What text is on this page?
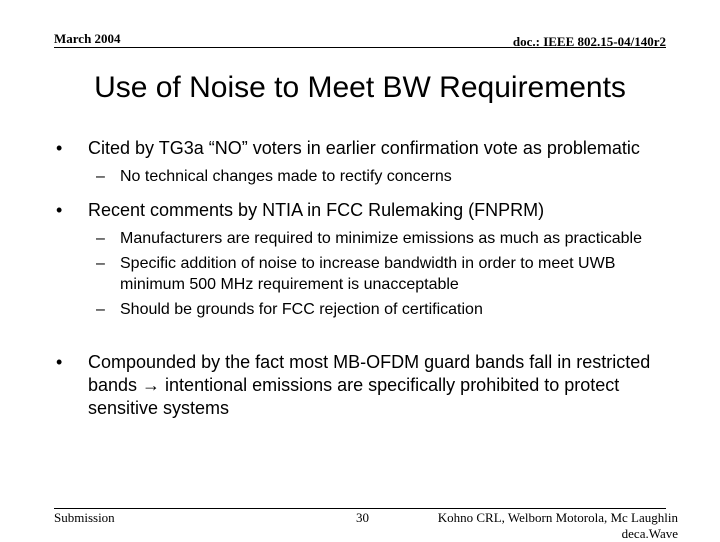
March 2004	doc.: IEEE 802.15-04/140r2
Use of Noise to Meet BW Requirements
•	Cited by TG3a “NO” voters in earlier confirmation vote as problematic
– No technical changes made to rectify concerns
•	Recent comments by NTIA in FCC Rulemaking (FNPRM)
– Manufacturers are required to minimize emissions as much as practicable
– Specific addition of noise to increase bandwidth in order to meet UWB minimum 500 MHz requirement is unacceptable
– Should be grounds for FCC rejection of certification
•	Compounded by the fact most MB-OFDM guard bands fall in restricted bands → intentional emissions are specifically prohibited to protect sensitive systems
Submission	30	Kohno CRL, Welborn Motorola, Mc Laughlin
deca.Wave
